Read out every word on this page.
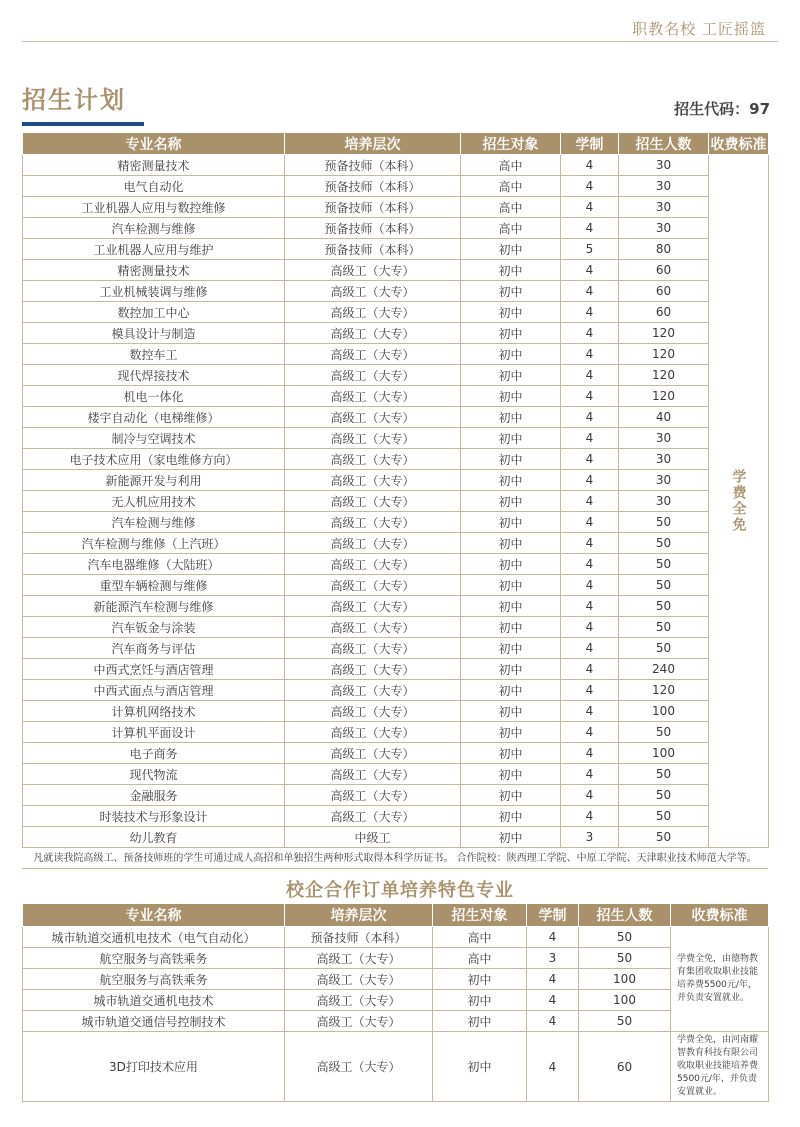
职教名校 工匠摇篮
招生计划	招生代码：97
专业名称	培养层次	招生对象	学制	招生人数	收费标准
精密测量技术	预备技师（本科）	高中	4	30	学费全免

电气自动化	预备技师（本科）	高中	4	30	
工业机器人应用与数控维修	预备技师（本科）	高中	4	30	
汽车检测与维修	预备技师（本科）	高中	4	30	
工业机器人应用与维护	预备技师（本科）	初中	5	80	
精密测量技术	高级工（大专）	初中	4	60	
工业机械装调与维修	高级工（大专）	初中	4	60	
数控加工中心	高级工（大专）	初中	4	60	
模具设计与制造	高级工（大专）	初中	4	120	
数控车工	高级工（大专）	初中	4	120	
现代焊接技术	高级工（大专）	初中	4	120	
机电一体化	高级工（大专）	初中	4	120	
楼宇自动化（电梯维修）	高级工（大专）	初中	4	40	
制冷与空调技术	高级工（大专）	初中	4	30	
电子技术应用（家电维修方向）	高级工（大专）	初中	4	30	
新能源开发与利用	高级工（大专）	初中	4	30	
无人机应用技术	高级工（大专）	初中	4	30	
汽车检测与维修	高级工（大专）	初中	4	50	
汽车检测与维修（上汽班）	高级工（大专）	初中	4	50	
汽车电器维修（大陆班）	高级工（大专）	初中	4	50	
重型车辆检测与维修	高级工（大专）	初中	4	50	
新能源汽车检测与维修	高级工（大专）	初中	4	50	
汽车钣金与涂装	高级工（大专）	初中	4	50	
汽车商务与评估	高级工（大专）	初中	4	50	
中西式烹饪与酒店管理	高级工（大专）	初中	4	240	
中西式面点与酒店管理	高级工（大专）	初中	4	120	
计算机网络技术	高级工（大专）	初中	4	100	
计算机平面设计	高级工（大专）	初中	4	50	
电子商务	高级工（大专）	初中	4	100	
现代物流	高级工（大专）	初中	4	50	
金融服务	高级工（大专）	初中	4	50	
时装技术与形象设计	高级工（大专）	初中	4	50	
幼儿教育	中级工	初中	3	50	
凡就读我院高级工、预备技师班的学生可通过成人高招和单独招生两种形式取得本科学历证书。 合作院校：陕西理工学院、中原工学院、天津职业技术师范大学等。
校企合作订单培养特色专业
专业名称	培养层次	招生对象	学制	招生人数	收费标准
城市轨道交通机电技术（电气自动化）	预备技师（本科）	高中	4	50	学费全免，由德物教育集团收取职业技能培养费5500元/年，并负责安置就业。
航空服务与高铁乘务	高级工（大专）	高中	3	50	
航空服务与高铁乘务	高级工（大专）	初中	4	100	
城市轨道交通机电技术	高级工（大专）	初中	4	100	
城市轨道交通信号控制技术	高级工（大专）	初中	4	50	
3D打印技术应用	高级工（大专）	初中	4	60	学费全免，由河南耀智教育科技有限公司收取职业技能培养费5500元/年，并负责安置就业。
